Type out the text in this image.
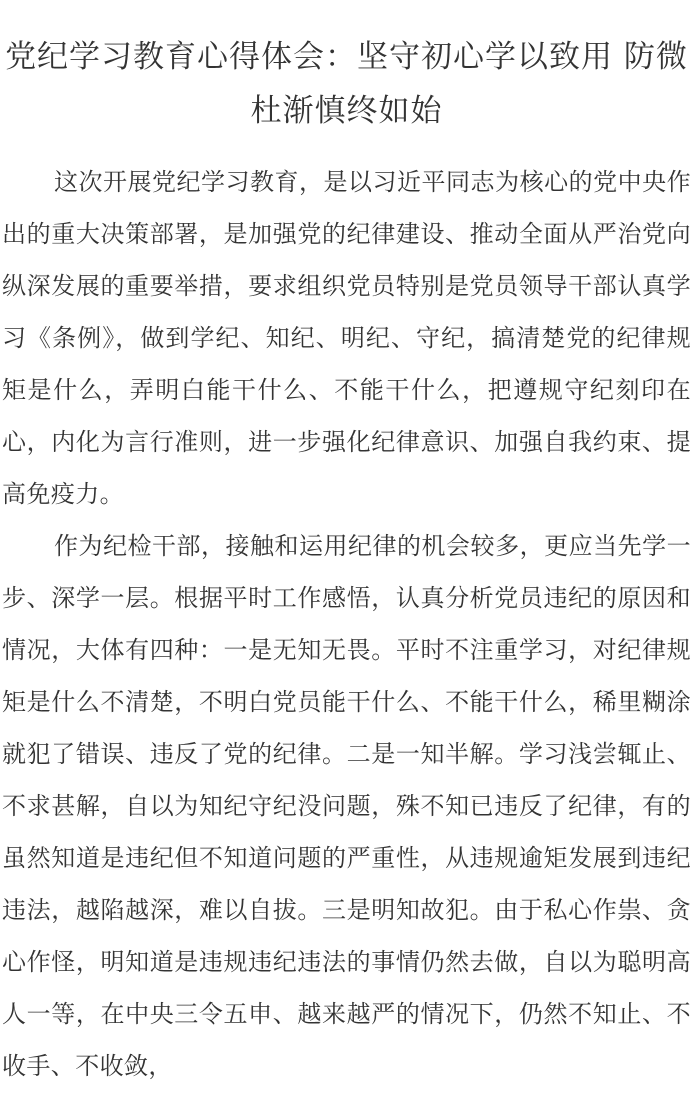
党纪学习教育心得体会：坚守初心学以致用 防微杜渐慎终如始

这次开展党纪学习教育，是以习近平同志为核心的党中央作出的重大决策部署，是加强党的纪律建设、推动全面从严治党向纵深发展的重要举措，要求组织党员特别是党员领导干部认真学习《条例》，做到学纪、知纪、明纪、守纪，搞清楚党的纪律规矩是什么，弄明白能干什么、不能干什么，把遵规守纪刻印在心，内化为言行准则，进一步强化纪律意识、加强自我约束、提高免疫力。

作为纪检干部，接触和运用纪律的机会较多，更应当先学一步、深学一层。根据平时工作感悟，认真分析党员违纪的原因和情况，大体有四种：一是无知无畏。平时不注重学习，对纪律规矩是什么不清楚，不明白党员能干什么、不能干什么，稀里糊涂就犯了错误、违反了党的纪律。二是一知半解。学习浅尝辄止、不求甚解，自以为知纪守纪没问题，殊不知已违反了纪律，有的虽然知道是违纪但不知道问题的严重性，从违规逾矩发展到违纪违法，越陷越深，难以自拔。三是明知故犯。由于私心作祟、贪心作怪，明知道是违规违纪违法的事情仍然去做，自以为聪明高人一等，在中央三令五申、越来越严的情况下，仍然不知止、不收手、不收敛，
